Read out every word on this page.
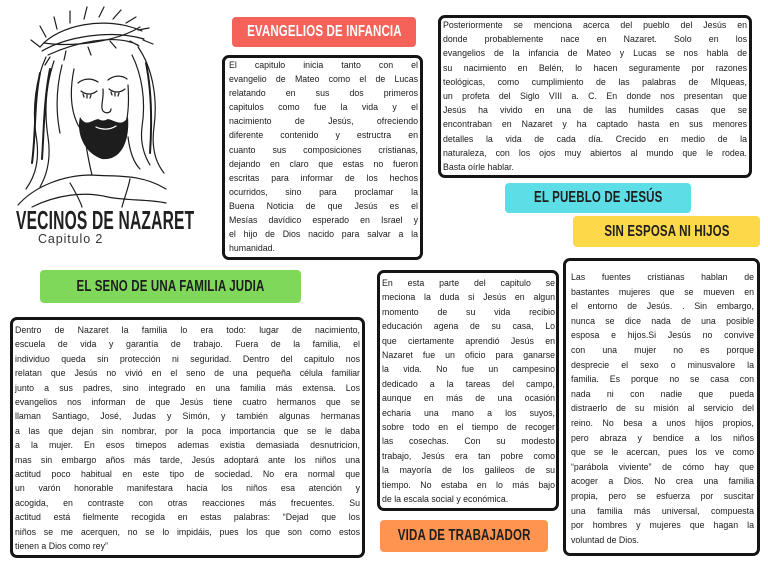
VECINOS DE NAZARET
Capitulo 2
EVANGELIOS DE INFANCIA
EL PUEBLO DE JESÚS
SIN ESPOSA NI HIJOS
EL SENO DE UNA FAMILIA JUDIA
VIDA DE TRABAJADOR
El capitulo inicia tanto con el
evangelio de Mateo como el de Lucas
relatando en sus dos primeros
capitulos como fue la vida y el
nacimiento de Jesús, ofreciendo
diferente contenido y estructra en
cuanto sus composiciones cristianas,
dejando en claro que estas no fueron
escritas para informar de los hechos
ocurridos, sino para proclamar la
Buena Noticia de que Jesús es el
Mesías davídico esperado en Israel y
el hijo de Dios nacido para salvar a la
humanidad.
Posteriormente se menciona acerca del pueblo del Jesús en
donde probablemente nace en Nazaret. Solo en los
evangelios de la infancia de Mateo y Lucas se nos habla de
su nacimiento en Belén, lo hacen seguramente por razones
teológicas, como cumplimiento de las palabras de MIqueas,
un profeta del Siglo VIII a. C. En donde nos presentan que
Jesús ha vivido en una de las humildes casas que se
encontraban en Nazaret y ha captado hasta en sus menores
detalles la vida de cada día. Crecido en medio de la
naturaleza, con los ojos muy abiertos al mundo que le rodea.
Basta oírle hablar.
Dentro de Nazaret la familia lo era todo: lugar de nacimiento,
escuela de vida y garantía de trabajo. Fuera de la familia, el
individuo queda sin protección ni seguridad. Dentro del capitulo nos
relatan que Jesús no vivió en el seno de una pequeña célula familiar
junto a sus padres, sino integrado en una familia más extensa. Los
evangelios nos informan de que Jesús tiene cuatro hermanos que se
llaman Santiago, José, Judas y Simón, y también algunas hermanas
a las que dejan sin nombrar, por la poca importancia que se le daba
a la mujer. En esos timepos ademas existia demasiada desnutricion,
mas sin embargo años más tarde, Jesús adoptará ante los niños una
actitud poco habitual en este tipo de sociedad. No era normal que
un varón honorable manifestara hacia los niños esa atención y
acogida, en contraste con otras reacciones más frecuentes. Su
actitud está fielmente recogida en estas palabras: “Dejad que los
niños se me acerquen, no se lo impidáis, pues los que son como estos
tienen a Dios como rey”
En esta parte del capitulo se
meciona la duda si Jesús en algun
momento de su vida recibio
educación agena de su casa, Lo
que ciertamente aprendió Jesús en
Nazaret fue un oficio para ganarse
la vida. No fue un campesino
dedicado a la tareas del campo,
aunque en más de una ocasión
echaria una mano a los suyos,
sobre todo en el tiempo de recoger
las cosechas. Con su modesto
trabajo, Jesús era tan pobre como
la mayoría de los galileos de su
tiempo. No estaba en lo más bajo
de la escala social y económica.
Las fuentes cristianas hablan de
bastantes mujeres que se mueven en
el entorno de Jesús. . Sin embargo,
nunca se dice nada de una posible
esposa e hijos.Si Jesús no convive
con una mujer no es porque
desprecie el sexo o minusvalore la
familia. Es porque no se casa con
nada ni con nadie que pueda
distraerlo de su misión al servicio del
reino. No besa a unos hijos propios,
pero abraza y bendice a los niños
que se le acercan, pues los ve como
“parábola viviente” de cómo hay que
acoger a Dios. No crea una familia
propia, pero se esfuerza por suscitar
una familia más universal, compuesta
por hombres y mujeres que hagan la
voluntad de Dios.
